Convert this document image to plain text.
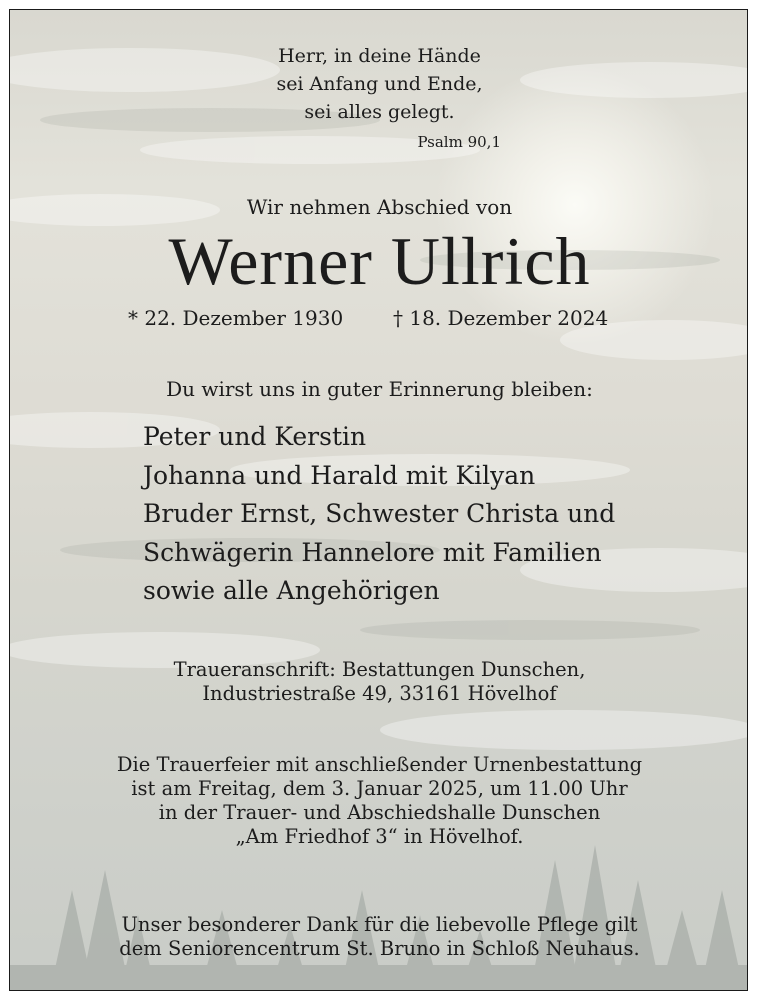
Herr, in deine Hände
sei Anfang und Ende,
sei alles gelegt.
Psalm 90,1
Wir nehmen Abschied von
Werner Ullrich
* 22. Dezember 1930 † 18. Dezember 2024
Du wirst uns in guter Erinnerung bleiben:
Peter und Kerstin
Johanna und Harald mit Kilyan
Bruder Ernst, Schwester Christa und
Schwägerin Hannelore mit Familien
sowie alle Angehörigen
Traueranschrift: Bestattungen Dunschen,
Industriestraße 49, 33161 Hövelhof
Die Trauerfeier mit anschließender Urnenbestattung
ist am Freitag, dem 3. Januar 2025, um 11.00 Uhr
in der Trauer- und Abschiedshalle Dunschen
„Am Friedhof 3“ in Hövelhof.
Unser besonderer Dank für die liebevolle Pflege gilt
dem Seniorencentrum St. Bruno in Schloß Neuhaus.
